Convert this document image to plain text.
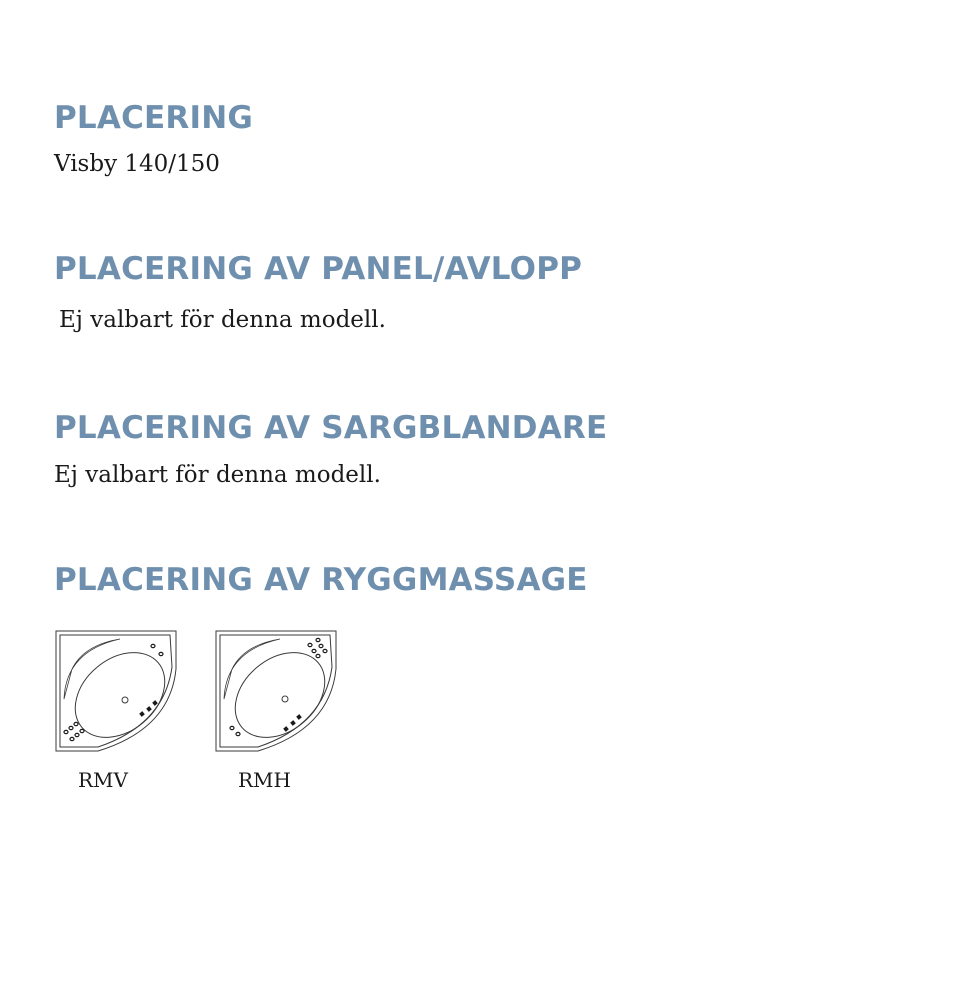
PLACERING

Visby 140/150

PLACERING AV PANEL/AVLOPP

Ej valbart för denna modell.

PLACERING AV SARGBLANDARE

Ej valbart för denna modell.

PLACERING AV RYGGMASSAGE

RMV	RMH
